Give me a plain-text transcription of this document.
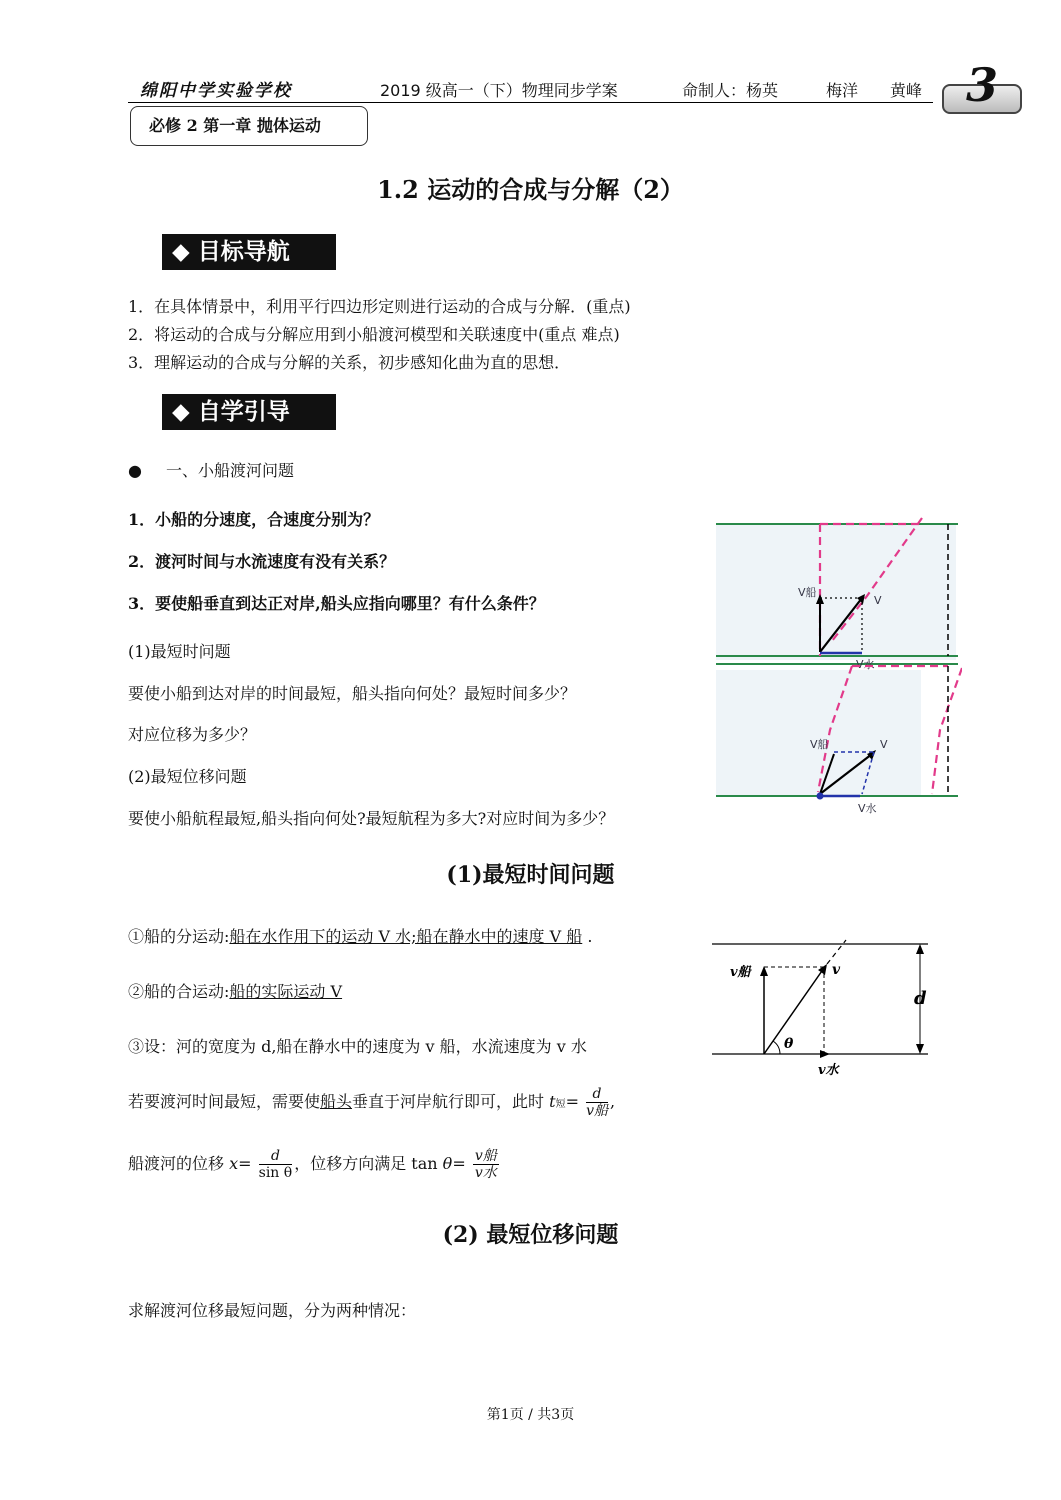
绵阳中学实验学校	2019 级高一（下）物理同步学案	命制人：杨英　　　梅洋　　黄峰 3
必修 2 第一章 抛体运动
1.2 运动的合成与分解（2）
◆ 目标导航
1．在具体情景中，利用平行四边形定则进行运动的合成与分解．(重点)
2．将运动的合成与分解应用到小船渡河模型和关联速度中(重点 难点)
3．理解运动的合成与分解的关系，初步感知化曲为直的思想．
◆ 自学引导
● 一、小船渡河问题
1．小船的分速度，合速度分别为？
2．渡河时间与水流速度有没有关系？
3．要使船垂直到达正对岸,船头应指向哪里？有什么条件？
(1)最短时问题
要使小船到达对岸的时间最短，船头指向何处？最短时间多少？
对应位移为多少？
(2)最短位移问题
要使小船航程最短,船头指向何处?最短航程为多大?对应时间为多少？
V船
V
V水
V船	V
V水
(1)最短时间问题
①船的分运动:船在水作用下的运动 V 水;船在静水中的速度 V 船 .
②船的合运动:船的实际运动 V
③设：河的宽度为 d,船在静水中的速度为 v 船，水流速度为 v 水
若要渡河时间最短，需要使船头垂直于河岸航行即可，此时 t短= $\frac{d}{\text{v船}}$ ,
船渡河的位移 $x= \frac{d}{\text{sin θ}}$ ，位移方向满足 $\tan \theta= \frac{\text{v船}}{\text{v水}}$
v船	v
v水
d
θ
(2) 最短位移问题
求解渡河位移最短问题，分为两种情况：
第1页 / 共3页
